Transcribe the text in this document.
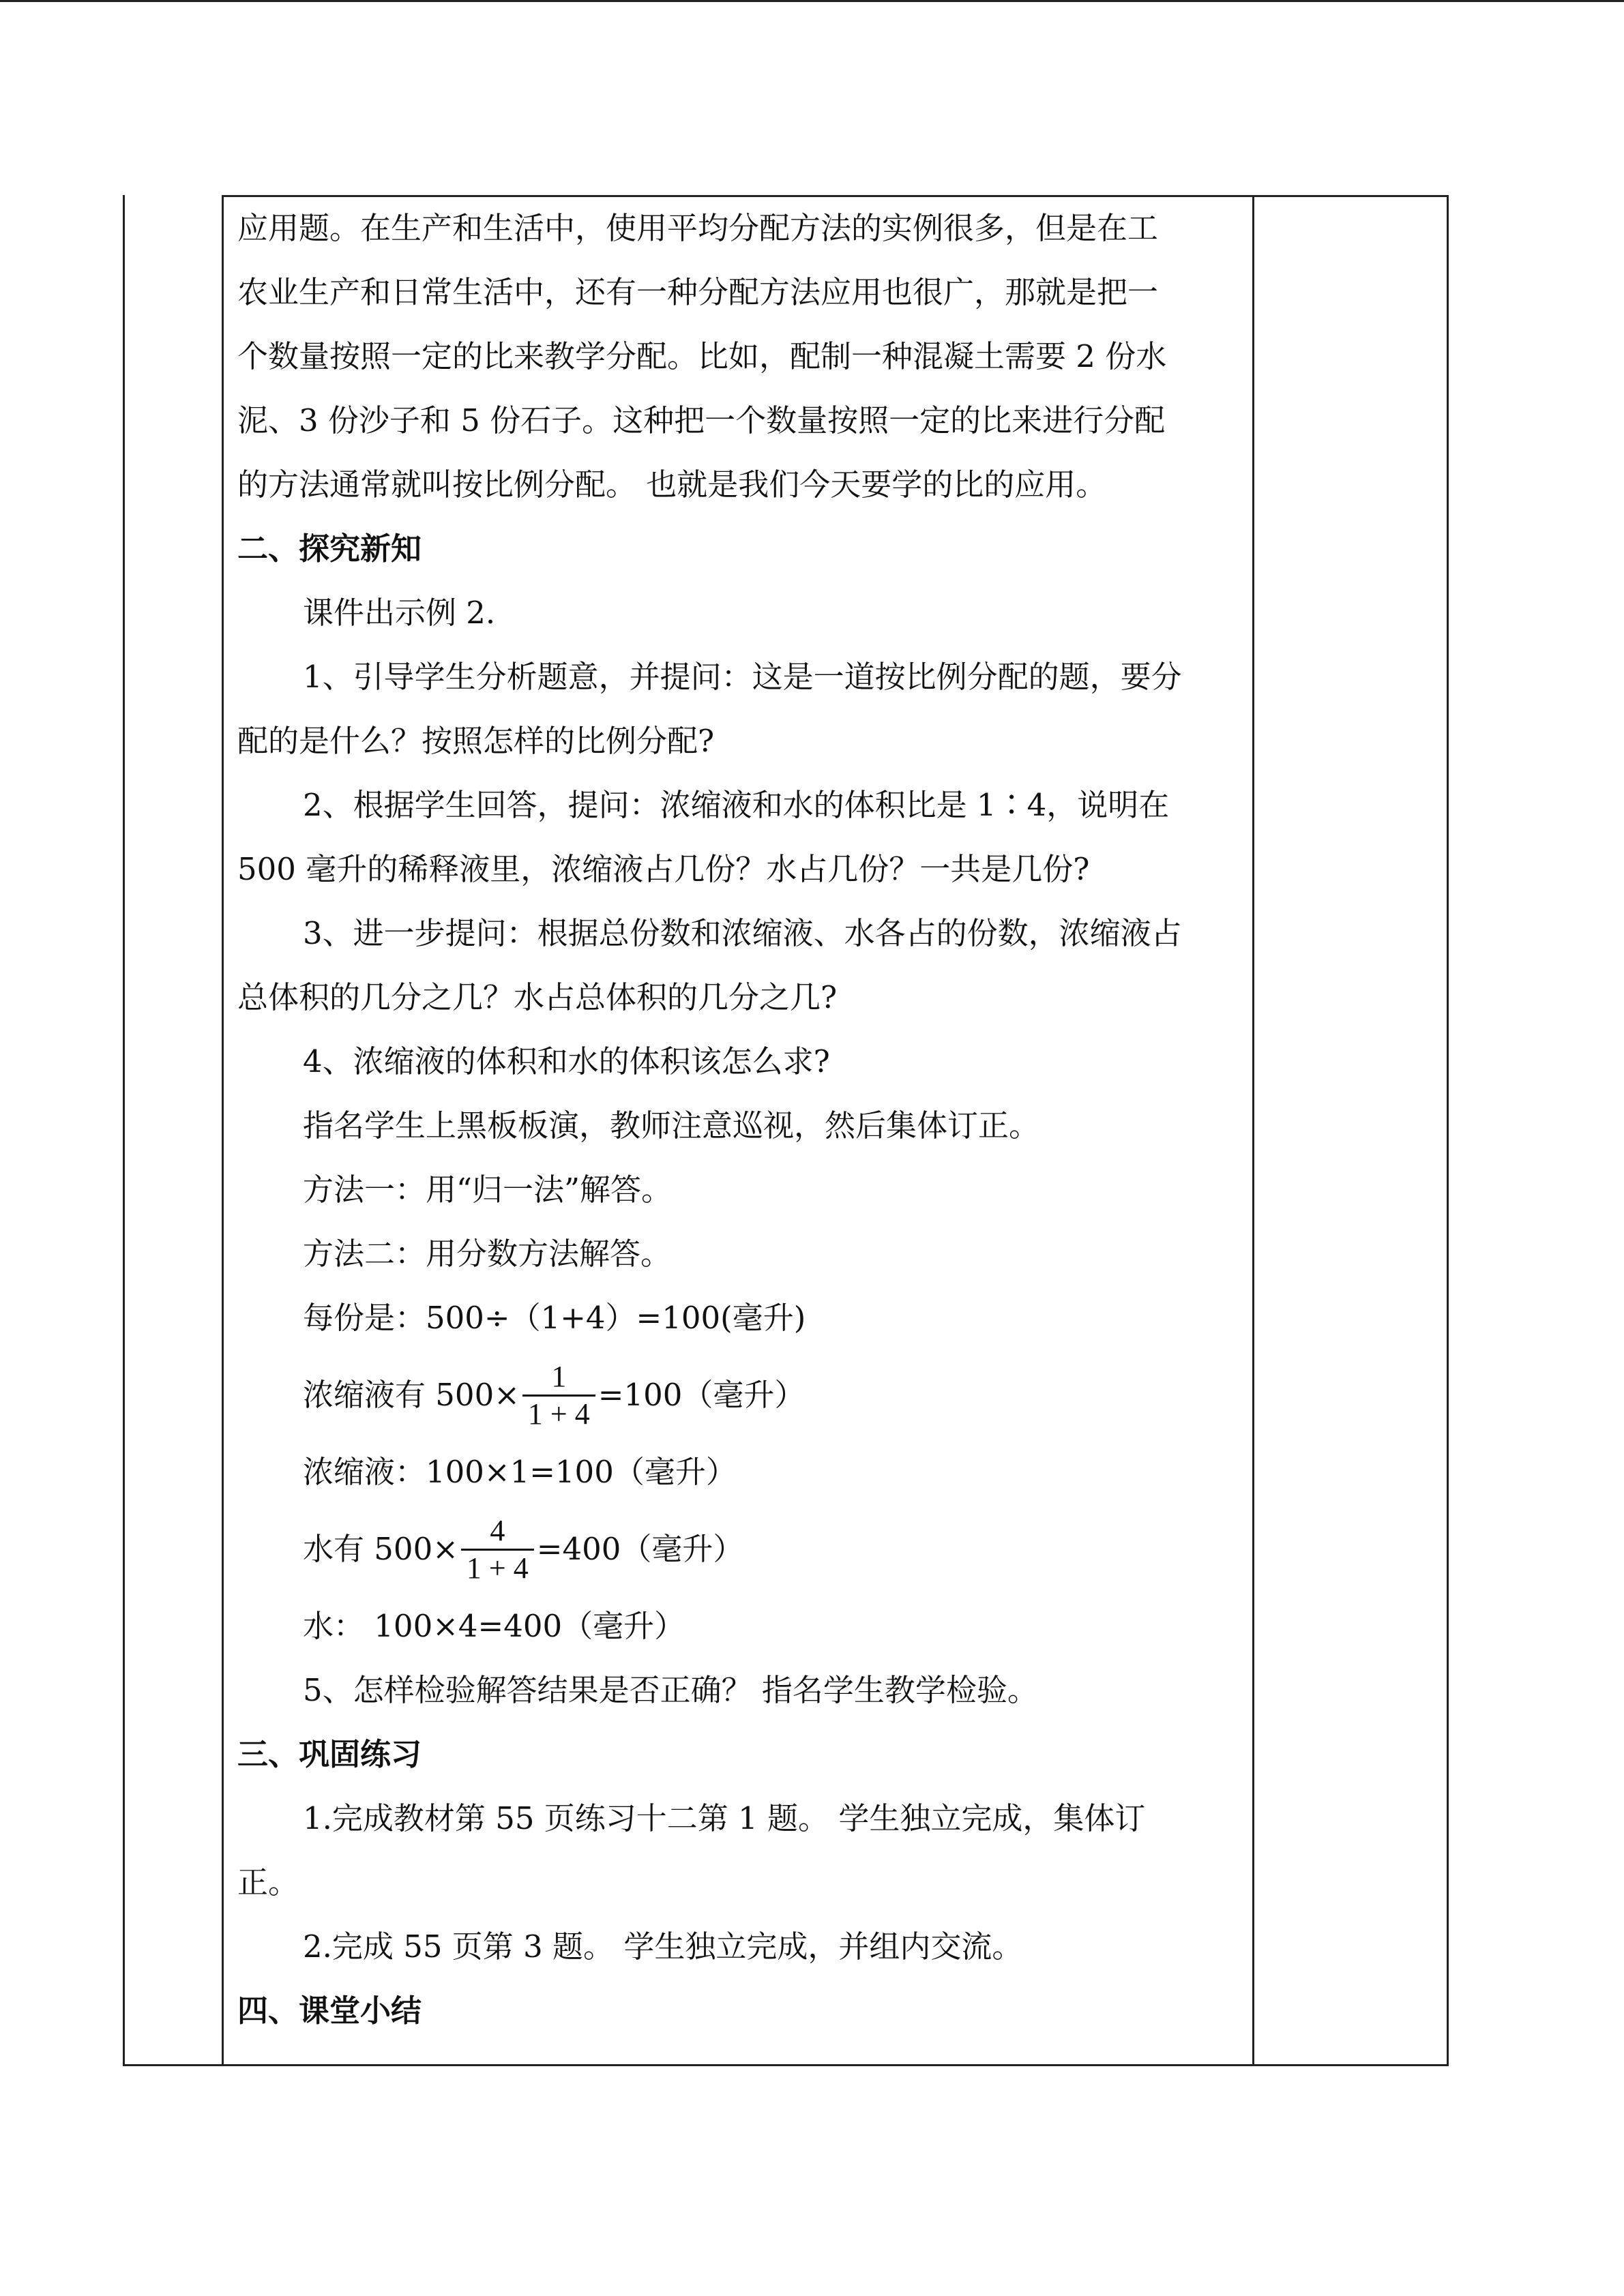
应用题。在生产和生活中，使用平均分配方法的实例很多，但是在工
农业生产和日常生活中，还有一种分配方法应用也很广，那就是把一
个数量按照一定的比来教学分配。比如，配制一种混凝土需要 2 份水
泥、3 份沙子和 5 份石子。这种把一个数量按照一定的比来进行分配
的方法通常就叫按比例分配。 也就是我们今天要学的比的应用。
二、探究新知
课件出示例 2.
1、引导学生分析题意，并提问：这是一道按比例分配的题，要分
配的是什么？按照怎样的比例分配?
2、根据学生回答，提问：浓缩液和水的体积比是 1∶4，说明在
500 毫升的稀释液里，浓缩液占几份？水占几份？一共是几份?
3、进一步提问：根据总份数和浓缩液、水各占的份数，浓缩液占
总体积的几分之几？水占总体积的几分之几?
4、浓缩液的体积和水的体积该怎么求?
指名学生上黑板板演，教师注意巡视，然后集体订正。
方法一：用“归一法”解答。
方法二：用分数方法解答。
每份是：500÷（1+4）=100(毫升)
浓缩液有 $500\times \frac{1}{1 + 4} =100$（毫升）
浓缩液：100×1=100（毫升）
水有 $500\times \frac{4}{1 + 4} =400$（毫升）
水： 100×4=400（毫升）
5、怎样检验解答结果是否正确？ 指名学生教学检验。
三、巩固练习
1.完成教材第 55 页练习十二第 1 题。 学生独立完成，集体订
正。
2.完成 55 页第 3 题。 学生独立完成，并组内交流。
四、课堂小结
